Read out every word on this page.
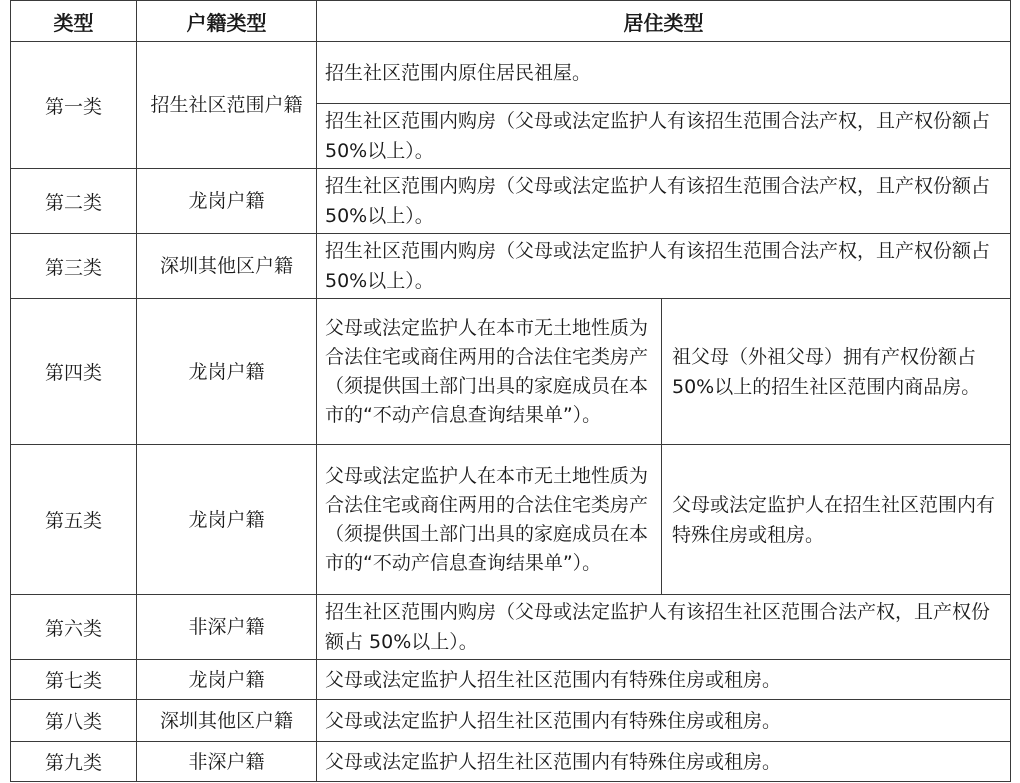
类型	户籍类型	居住类型	
第一类	招生社区范围户籍	招生社区范围内原住居民祖屋。	
		招生社区范围内购房（父母或法定监护人有该招生范围合法产权，且产权份额占 50%以上）。	
第二类	龙岗户籍	招生社区范围内购房（父母或法定监护人有该招生范围合法产权，且产权份额占 50%以上）。	
第三类	深圳其他区户籍	招生社区范围内购房（父母或法定监护人有该招生范围合法产权，且产权份额占 50%以上）。	
第四类	龙岗户籍	父母或法定监护人在本市无土地性质为合法住宅或商住两用的合法住宅类房产（须提供国土部门出具的家庭成员在本市的“不动产信息查询结果单”）。	祖父母（外祖父母）拥有产权份额占 50%以上的招生社区范围内商品房。
第五类	龙岗户籍	父母或法定监护人在本市无土地性质为合法住宅或商住两用的合法住宅类房产（须提供国土部门出具的家庭成员在本市的“不动产信息查询结果单”）。	父母或法定监护人在招生社区范围内有特殊住房或租房。
第六类	非深户籍	招生社区范围内购房（父母或法定监护人有该招生社区范围合法产权，且产权份额占 50%以上）。	
第七类	龙岗户籍	父母或法定监护人招生社区范围内有特殊住房或租房。	
第八类	深圳其他区户籍	父母或法定监护人招生社区范围内有特殊住房或租房。	
第九类	非深户籍	父母或法定监护人招生社区范围内有特殊住房或租房。	
